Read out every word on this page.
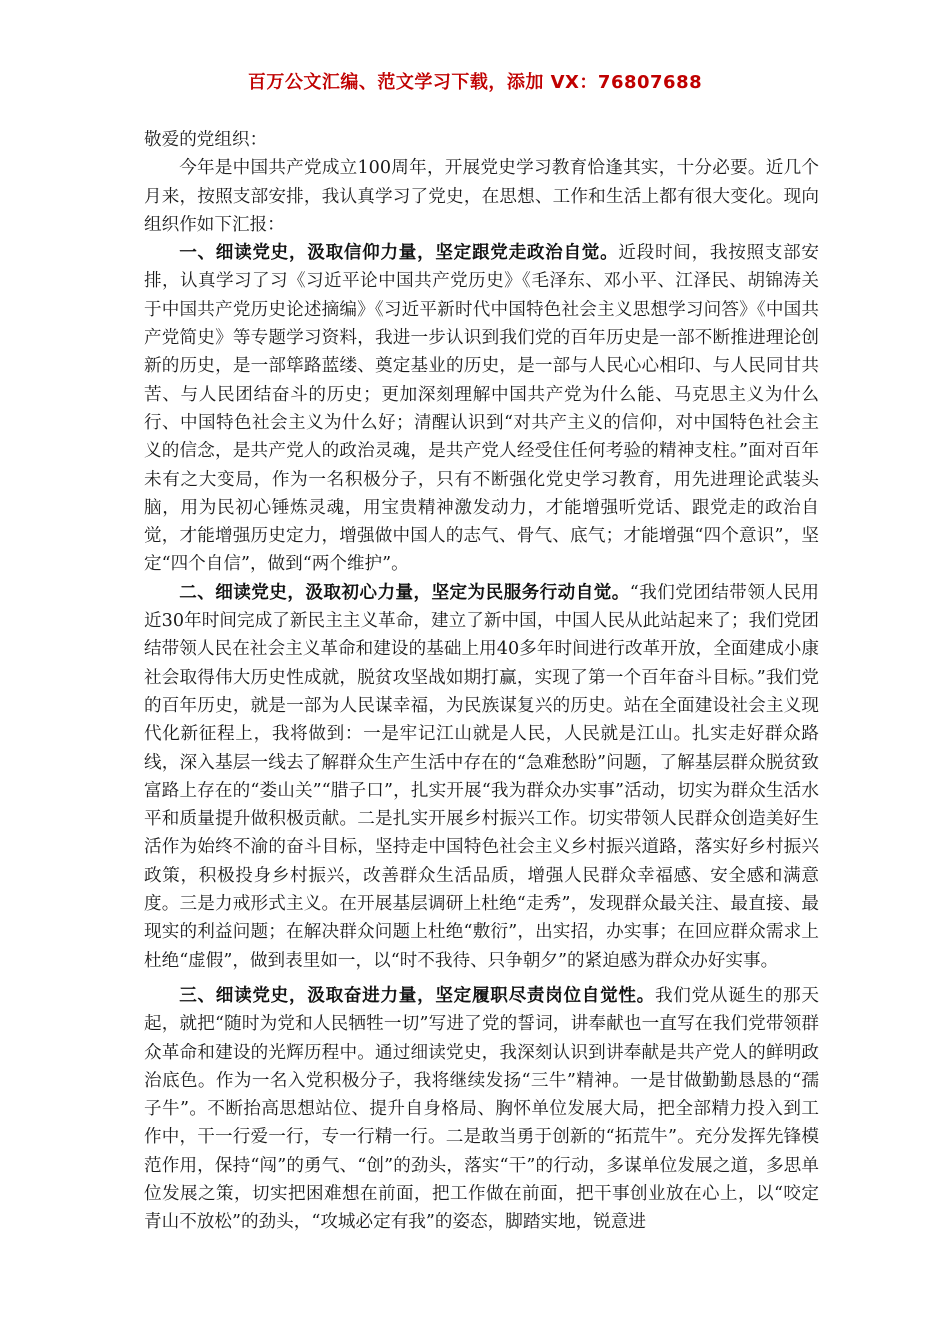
百万公文汇编、范文学习下载，添加 VX：76807688

敬爱的党组织：

今年是中国共产党成立100周年，开展党史学习教育恰逢其实，十分必要。近几个月来，按照支部安排，我认真学习了党史，在思想、工作和生活上都有很大变化。现向组织作如下汇报：

一、细读党史，汲取信仰力量，坚定跟党走政治自觉。近段时间，我按照支部安排，认真学习了习《习近平论中国共产党历史》《毛泽东、邓小平、江泽民、胡锦涛关于中国共产党历史论述摘编》《习近平新时代中国特色社会主义思想学习问答》《中国共产党简史》等专题学习资料，我进一步认识到我们党的百年历史是一部不断推进理论创新的历史，是一部筚路蓝缕、奠定基业的历史，是一部与人民心心相印、与人民同甘共苦、与人民团结奋斗的历史；更加深刻理解中国共产党为什么能、马克思主义为什么行、中国特色社会主义为什么好；清醒认识到“对共产主义的信仰，对中国特色社会主义的信念，是共产党人的政治灵魂，是共产党人经受住任何考验的精神支柱。”面对百年未有之大变局，作为一名积极分子，只有不断强化党史学习教育，用先进理论武装头脑，用为民初心锤炼灵魂，用宝贵精神激发动力，才能增强听党话、跟党走的政治自觉，才能增强历史定力，增强做中国人的志气、骨气、底气；才能增强“四个意识”，坚定“四个自信”，做到“两个维护”。

二、细读党史，汲取初心力量，坚定为民服务行动自觉。“我们党团结带领人民用近30年时间完成了新民主主义革命，建立了新中国，中国人民从此站起来了；我们党团结带领人民在社会主义革命和建设的基础上用40多年时间进行改革开放，全面建成小康社会取得伟大历史性成就，脱贫攻坚战如期打赢，实现了第一个百年奋斗目标。”我们党的百年历史，就是一部为人民谋幸福，为民族谋复兴的历史。站在全面建设社会主义现代化新征程上，我将做到：一是牢记江山就是人民，人民就是江山。扎实走好群众路线，深入基层一线去了解群众生产生活中存在的“急难愁盼”问题，了解基层群众脱贫致富路上存在的“娄山关”“腊子口”，扎实开展“我为群众办实事”活动，切实为群众生活水平和质量提升做积极贡献。二是扎实开展乡村振兴工作。切实带领人民群众创造美好生活作为始终不渝的奋斗目标，坚持走中国特色社会主义乡村振兴道路，落实好乡村振兴政策，积极投身乡村振兴，改善群众生活品质，增强人民群众幸福感、安全感和满意度。三是力戒形式主义。在开展基层调研上杜绝“走秀”，发现群众最关注、最直接、最现实的利益问题；在解决群众问题上杜绝“敷衍”，出实招，办实事；在回应群众需求上杜绝“虚假”，做到表里如一，以“时不我待、只争朝夕”的紧迫感为群众办好实事。

三、细读党史，汲取奋进力量，坚定履职尽责岗位自觉性。我们党从诞生的那天起，就把“随时为党和人民牺牲一切”写进了党的誓词，讲奉献也一直写在我们党带领群众革命和建设的光辉历程中。通过细读党史，我深刻认识到讲奉献是共产党人的鲜明政治底色。作为一名入党积极分子，我将继续发扬“三牛”精神。一是甘做勤勤恳恳的“孺子牛”。不断抬高思想站位、提升自身格局、胸怀单位发展大局，把全部精力投入到工作中，干一行爱一行，专一行精一行。二是敢当勇于创新的“拓荒牛”。充分发挥先锋模范作用，保持“闯”的勇气、“创”的劲头，落实“干”的行动，多谋单位发展之道，多思单位发展之策，切实把困难想在前面，把工作做在前面，把干事创业放在心上，以“咬定青山不放松”的劲头，“攻城必定有我”的姿态，脚踏实地，锐意进
